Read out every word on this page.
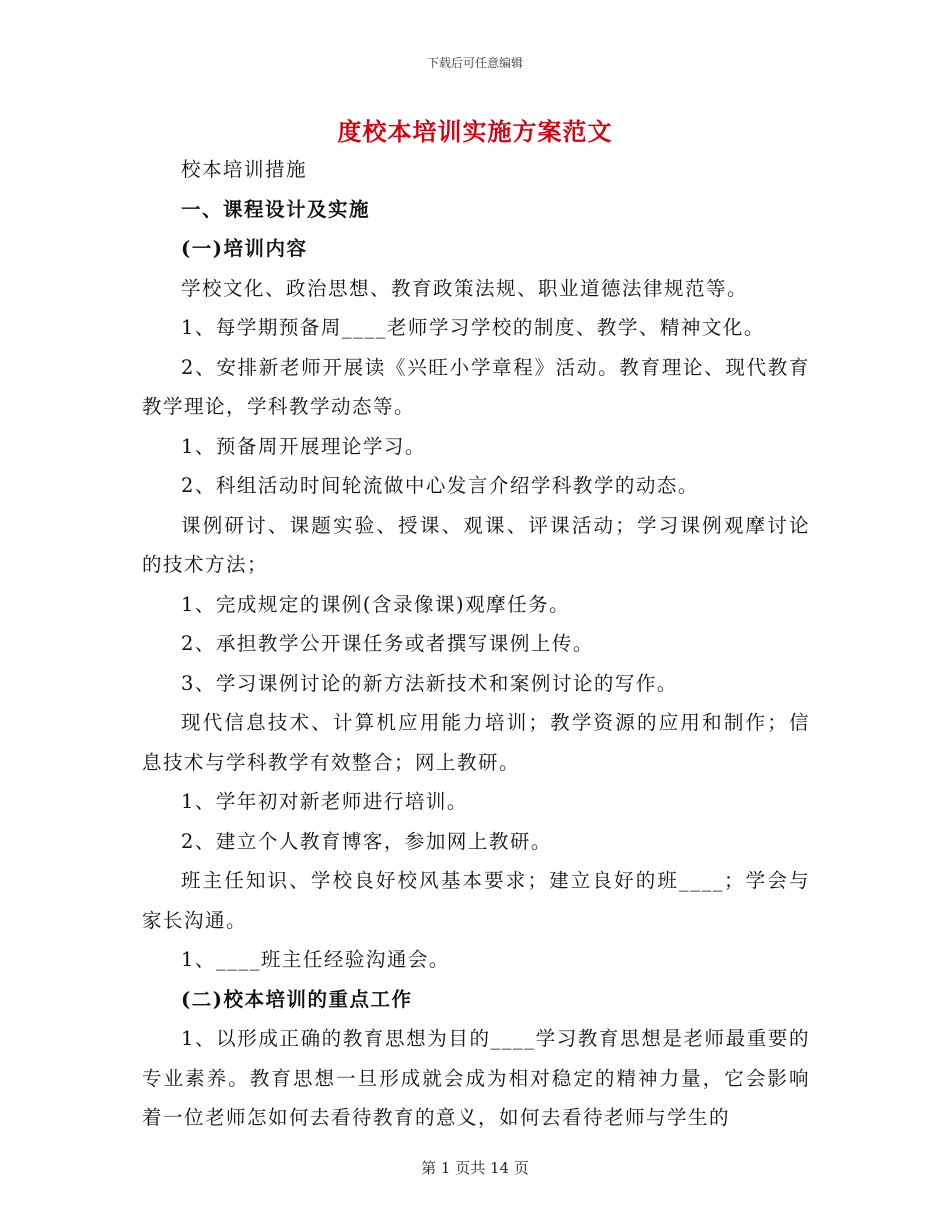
下载后可任意编辑
度校本培训实施方案范文

校本培训措施

一、课程设计及实施

(一)培训内容

学校文化、政治思想、教育政策法规、职业道德法律规范等。

1、每学期预备周____老师学习学校的制度、教学、精神文化。

2、安排新老师开展读《兴旺小学章程》活动。教育理论、现代教育教学理论，学科教学动态等。

1、预备周开展理论学习。

2、科组活动时间轮流做中心发言介绍学科教学的动态。

课例研讨、课题实验、授课、观课、评课活动；学习课例观摩讨论的技术方法；

1、完成规定的课例(含录像课)观摩任务。

2、承担教学公开课任务或者撰写课例上传。

3、学习课例讨论的新方法新技术和案例讨论的写作。

现代信息技术、计算机应用能力培训；教学资源的应用和制作；信息技术与学科教学有效整合；网上教研。

1、学年初对新老师进行培训。

2、建立个人教育博客，参加网上教研。

班主任知识、学校良好校风基本要求；建立良好的班____；学会与家长沟通。

1、____班主任经验沟通会。

(二)校本培训的重点工作

1、以形成正确的教育思想为目的____学习教育思想是老师最重要的专业素养。教育思想一旦形成就会成为相对稳定的精神力量，它会影响着一位老师怎如何去看待教育的意义，如何去看待老师与学生的

第 1 页共 14 页
